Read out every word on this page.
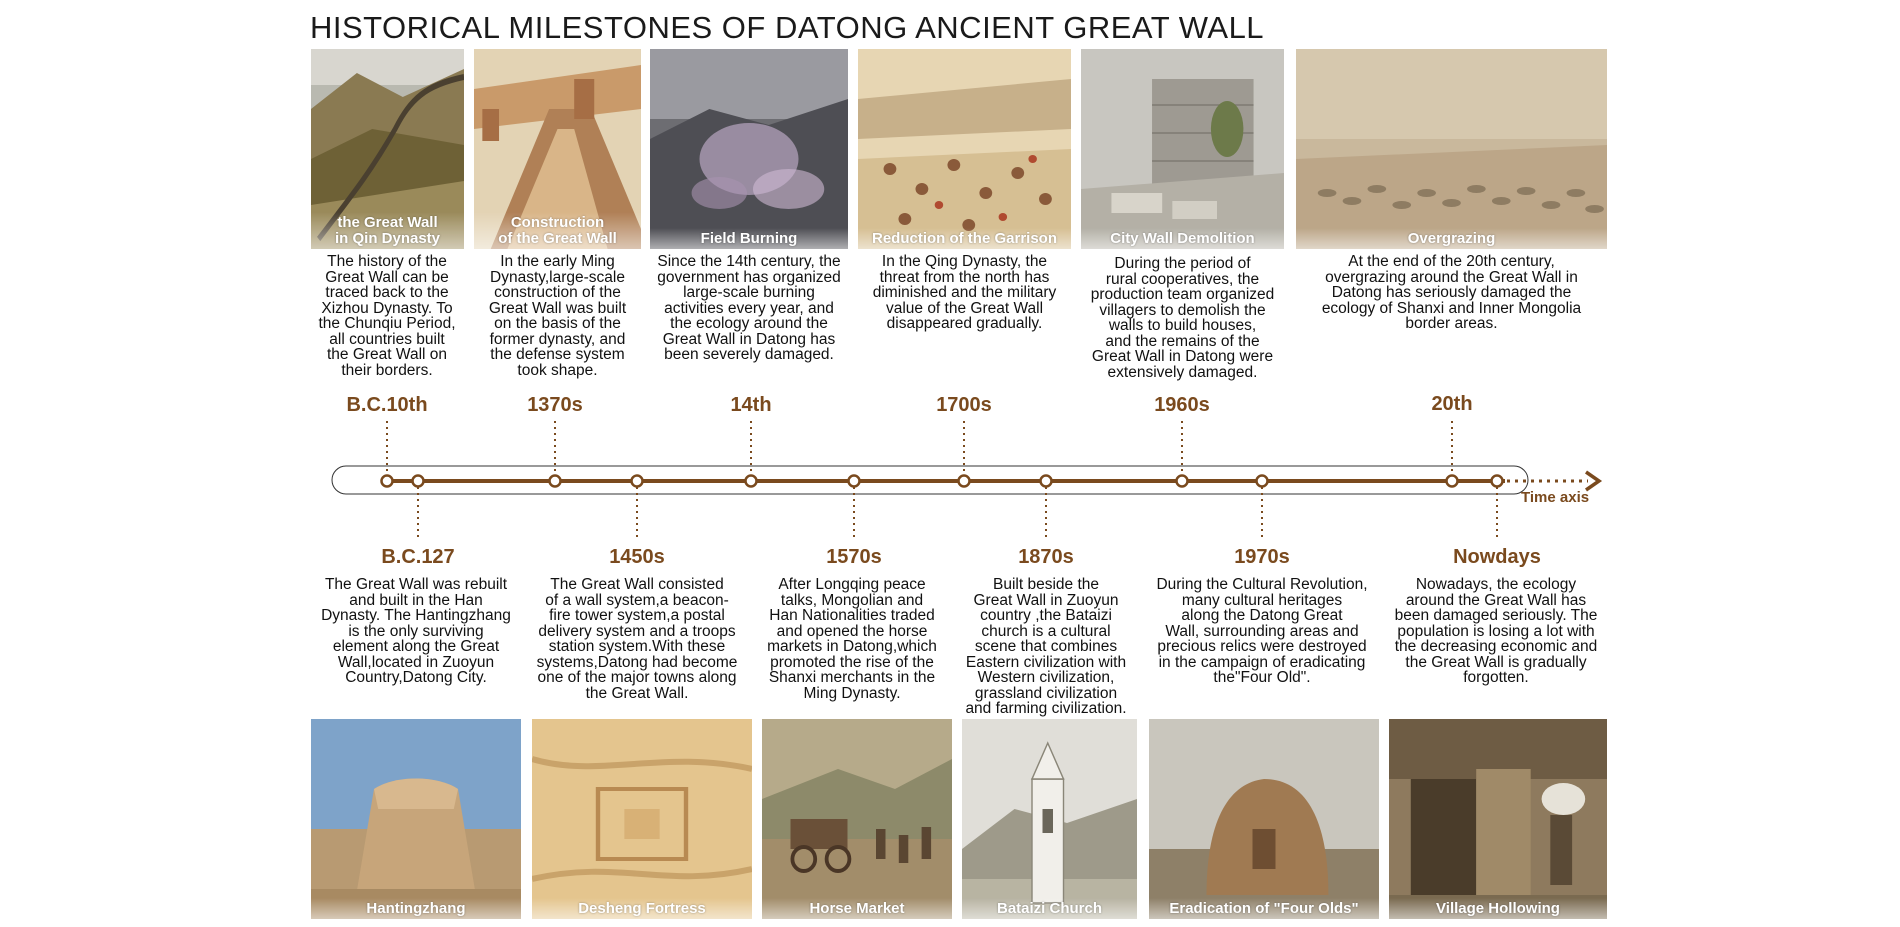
HISTORICAL MILESTONES OF DATONG ANCIENT GREAT WALL
the Great Wall
in Qin Dynasty
Construction
of the Great Wall	Field Burning	Reduction of the Garrison	City Wall Demolition	Overgrazing
The history of the
Great Wall can be
traced back to the
Xizhou Dynasty. To
the Chunqiu Period,
all countries built
the Great Wall on
their borders.
In the early Ming
Dynasty,large-scale
construction of the
Great Wall was built
on the basis of the
former dynasty, and
the defense system
took shape.
Since the 14th century, the
government has organized
large-scale burning
activities every year, and
the ecology around the
Great Wall in Datong has
been severely damaged.
In the Qing Dynasty, the
threat from the north has
diminished and the military
value of the Great Wall
disappeared gradually.
During the period of
rural cooperatives, the
production team organized
villagers to demolish the
walls to build houses,
and the remains of the
Great Wall in Datong were
extensively damaged.
At the end of the 20th century,
overgrazing around the Great Wall in
Datong has seriously damaged the
ecology of Shanxi and Inner Mongolia
border areas.
B.C.10th	1370s	14th	1700s	1960s	20th
Time axis
B.C.127	1450s	1570s	1870s	1970s	Nowdays
The Great Wall was rebuilt
and built in the Han
Dynasty. The Hantingzhang
is the only surviving
element along the Great
Wall,located in Zuoyun
Country,Datong City.
The Great Wall consisted
of a wall system,a beacon-
fire tower system,a postal
delivery system and a troops
station system.With these
systems,Datong had become
one of the major towns along
the Great Wall.
After Longqing peace
talks, Mongolian and
Han Nationalities traded
and opened the horse
markets in Datong,which
promoted the rise of the
Shanxi merchants in the
Ming Dynasty.
Built beside the
Great Wall in Zuoyun
country ,the Bataizi
church is a cultural
scene that combines
Eastern civilization with
Western civilization,
grassland civilization
and farming civilization.
During the Cultural Revolution,
many cultural heritages
along the Datong Great
Wall, surrounding areas and
precious relics were destroyed
in the campaign of eradicating
the"Four Old".
Nowadays, the ecology
around the Great Wall has
been damaged seriously. The
population is losing a lot with
the decreasing economic and
the Great Wall is gradually
forgotten.
Hantingzhang	Desheng Fortress	Horse Market	Bataizi Church	Eradication of "Four Olds"	Village Hollowing
